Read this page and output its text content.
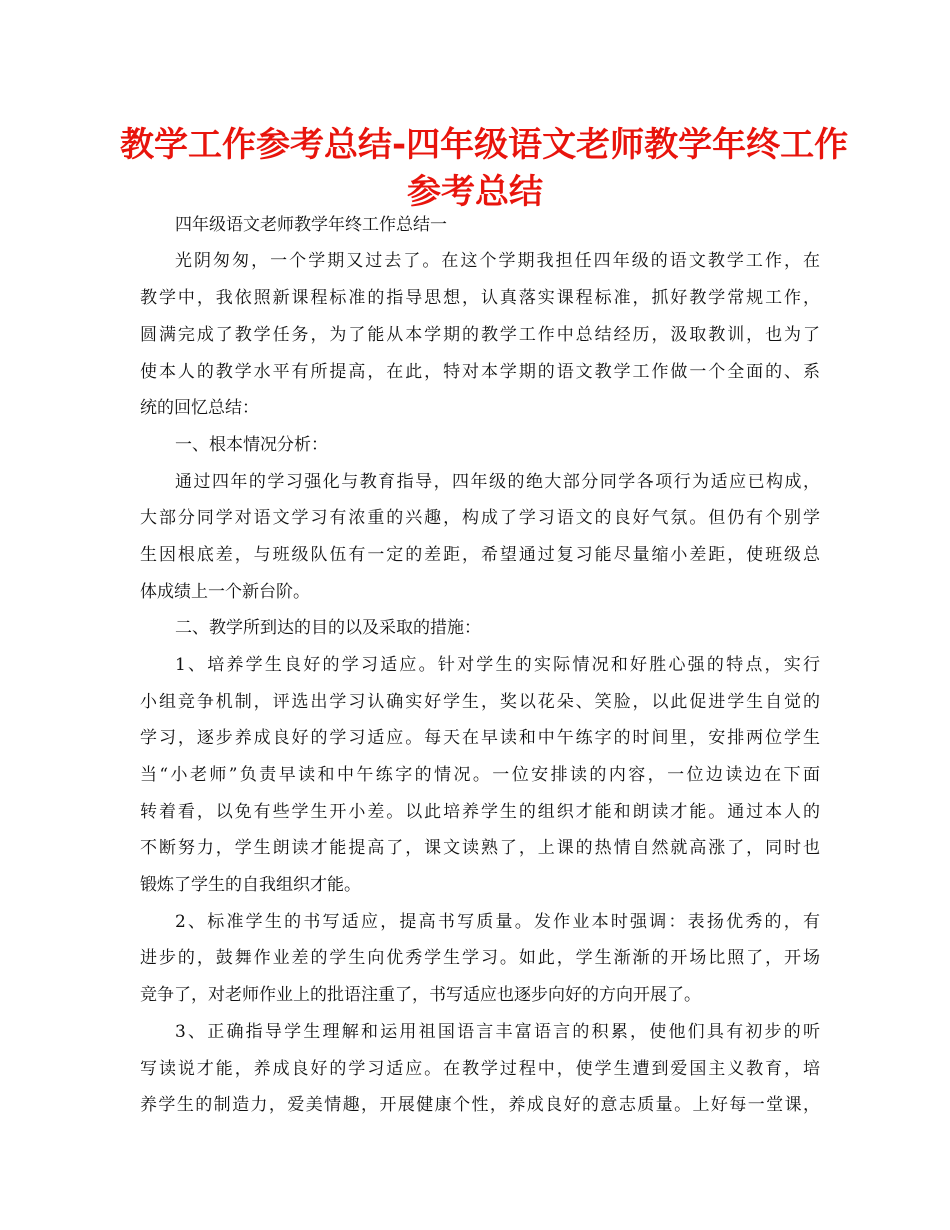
教学工作参考总结-四年级语文老师教学年终工作
参考总结

四年级语文老师教学年终工作总结一

光阴匆匆，一个学期又过去了。在这个学期我担任四年级的语文教学工作，在

教学中，我依照新课程标准的指导思想，认真落实课程标准，抓好教学常规工作，

圆满完成了教学任务，为了能从本学期的教学工作中总结经历，汲取教训，也为了

使本人的教学水平有所提高，在此，特对本学期的语文教学工作做一个全面的、系

统的回忆总结：

一、根本情况分析：

通过四年的学习强化与教育指导，四年级的绝大部分同学各项行为适应已构成，

大部分同学对语文学习有浓重的兴趣，构成了学习语文的良好气氛。但仍有个别学

生因根底差，与班级队伍有一定的差距，希望通过复习能尽量缩小差距，使班级总

体成绩上一个新台阶。

二、教学所到达的目的以及采取的措施：

1、培养学生良好的学习适应。针对学生的实际情况和好胜心强的特点，实行

小组竞争机制，评选出学习认确实好学生，奖以花朵、笑脸，以此促进学生自觉的

学习，逐步养成良好的学习适应。每天在早读和中午练字的时间里，安排两位学生

当“小老师”负责早读和中午练字的情况。一位安排读的内容，一位边读边在下面

转着看，以免有些学生开小差。以此培养学生的组织才能和朗读才能。通过本人的

不断努力，学生朗读才能提高了，课文读熟了，上课的热情自然就高涨了，同时也

锻炼了学生的自我组织才能。

2、标准学生的书写适应，提高书写质量。发作业本时强调：表扬优秀的，有

进步的，鼓舞作业差的学生向优秀学生学习。如此，学生渐渐的开场比照了，开场

竞争了，对老师作业上的批语注重了，书写适应也逐步向好的方向开展了。

3、正确指导学生理解和运用祖国语言丰富语言的积累，使他们具有初步的听

写读说才能，养成良好的学习适应。在教学过程中，使学生遭到爱国主义教育，培

养学生的制造力，爱美情趣，开展健康个性，养成良好的意志质量。上好每一堂课，
